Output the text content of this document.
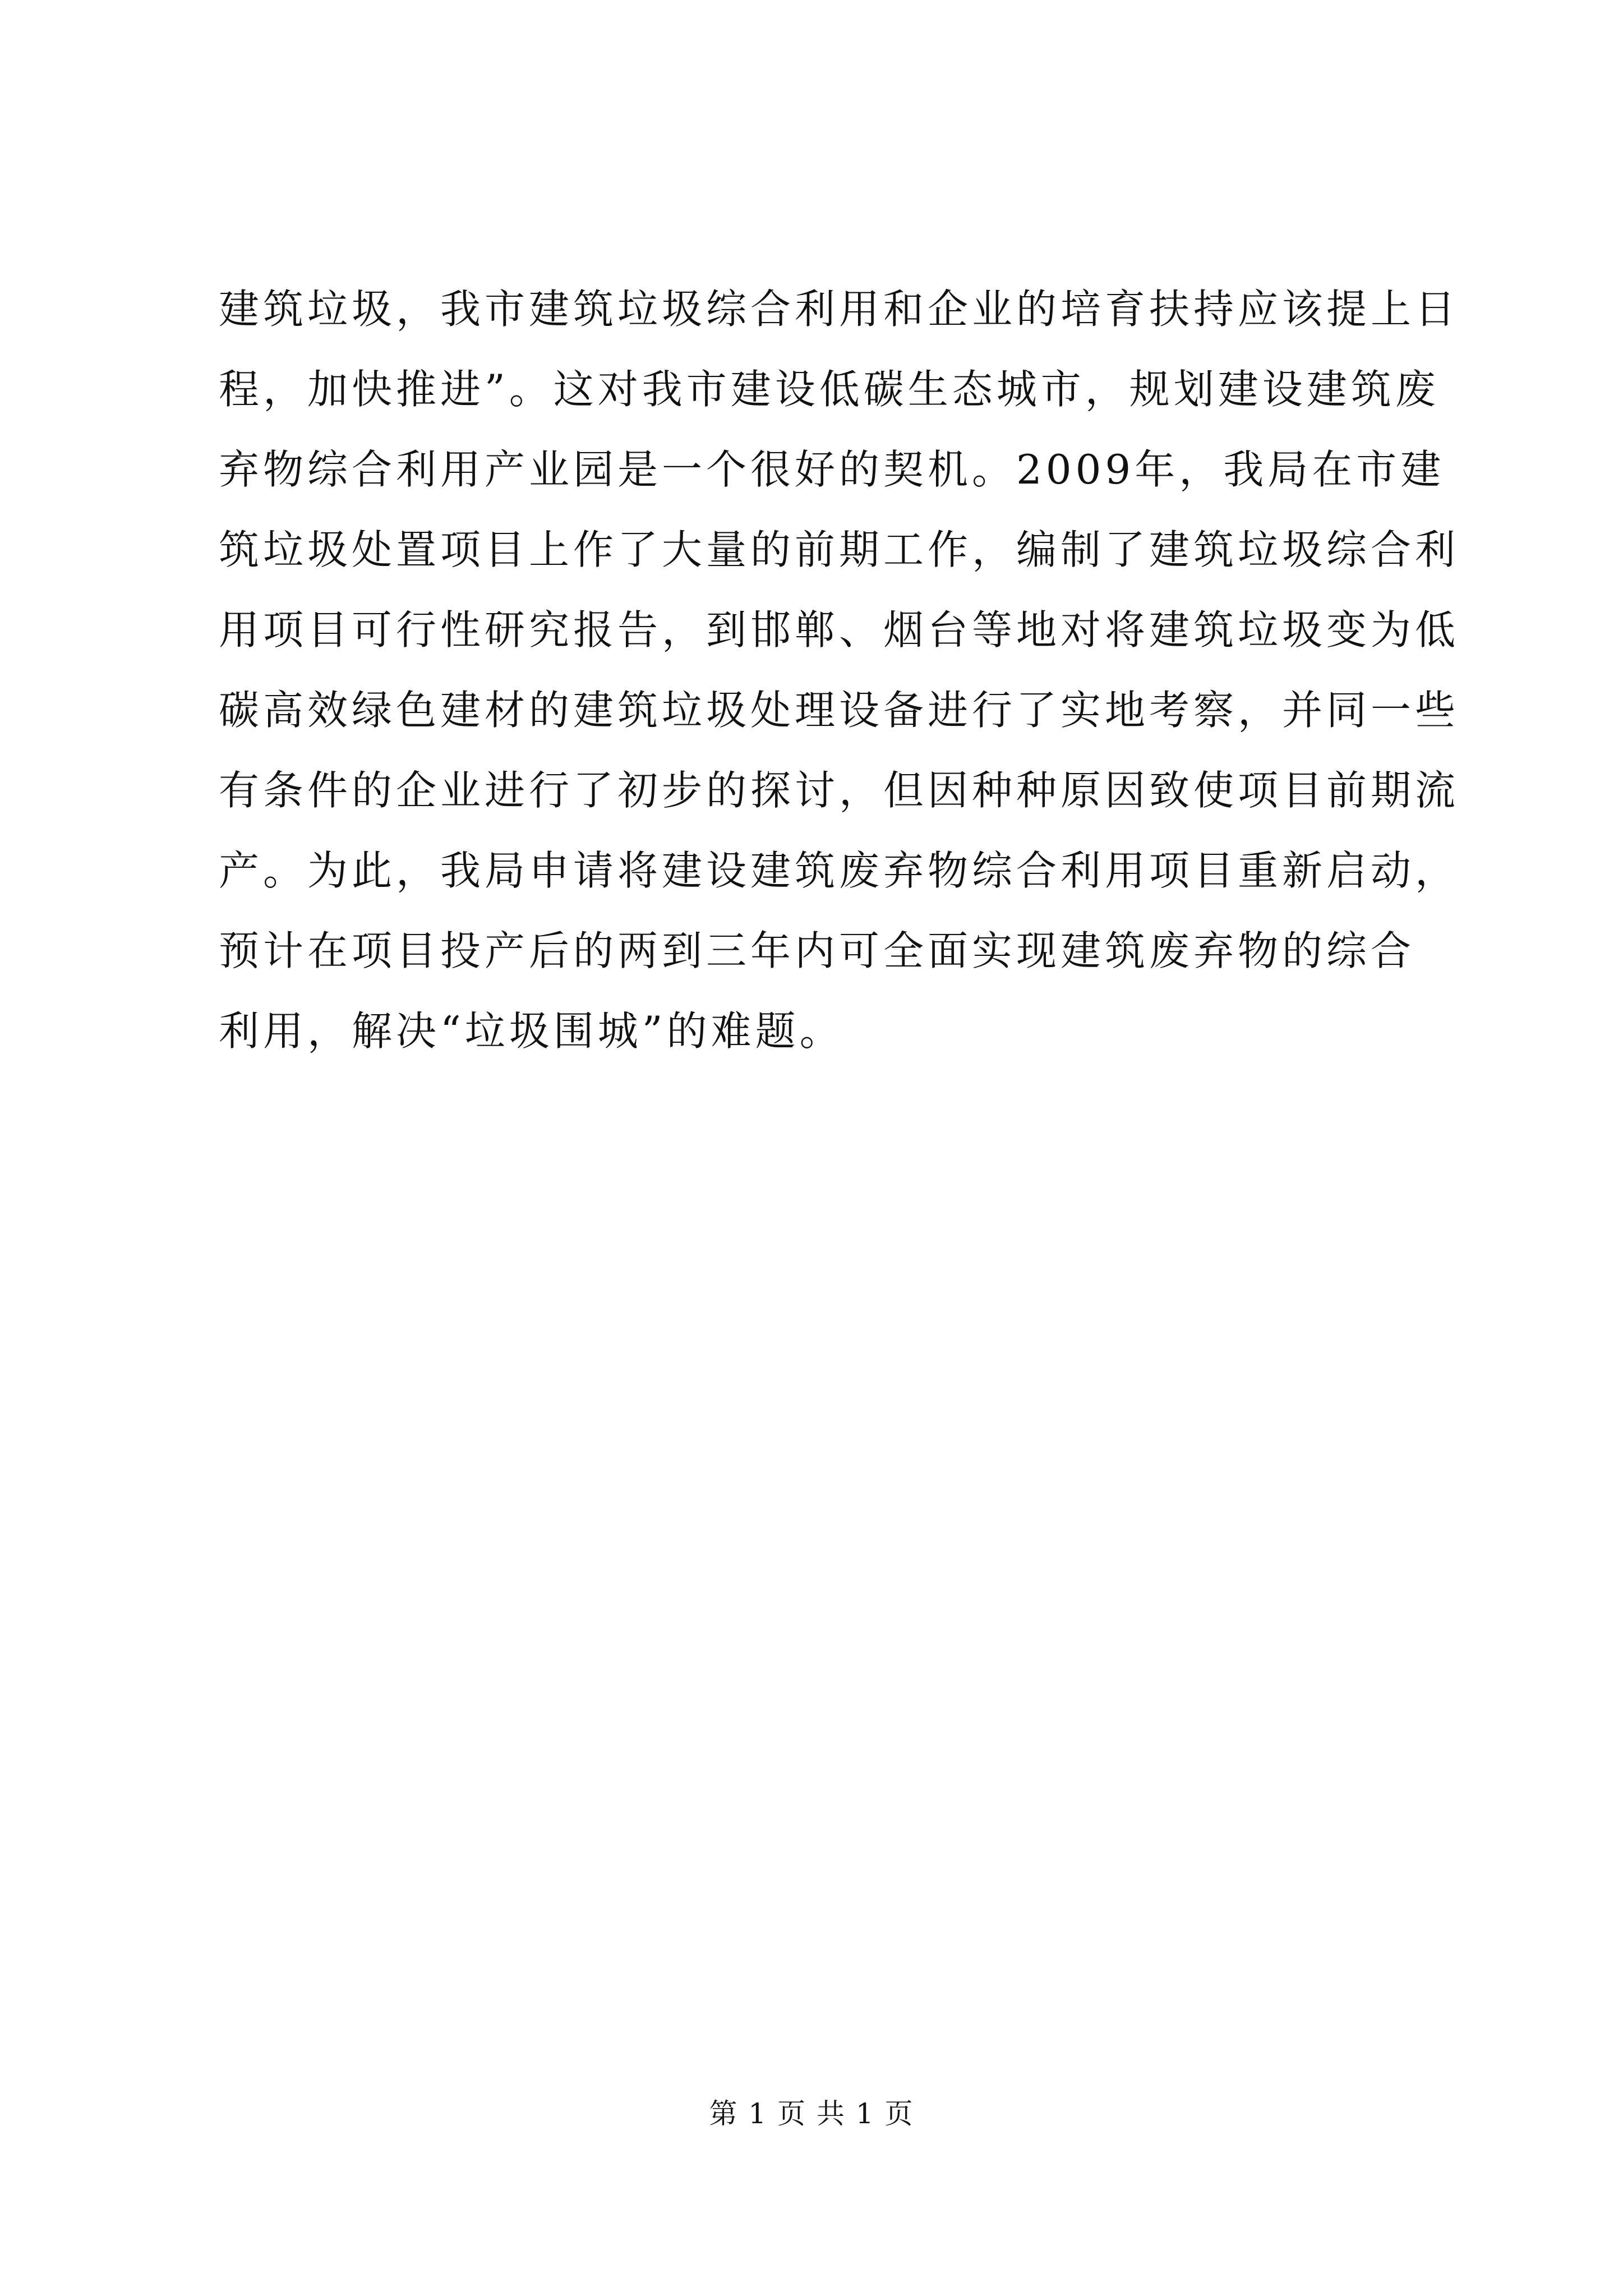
建筑垃圾，我市建筑垃圾综合利用和企业的培育扶持应该提上日
程，加快推进”。这对我市建设低碳生态城市，规划建设建筑废
弃物综合利用产业园是一个很好的契机。2009年，我局在市建
筑垃圾处置项目上作了大量的前期工作，编制了建筑垃圾综合利
用项目可行性研究报告，到邯郸、烟台等地对将建筑垃圾变为低
碳高效绿色建材的建筑垃圾处理设备进行了实地考察，并同一些
有条件的企业进行了初步的探讨，但因种种原因致使项目前期流
产。为此，我局申请将建设建筑废弃物综合利用项目重新启动，
预计在项目投产后的两到三年内可全面实现建筑废弃物的综合
利用，解决“垃圾围城”的难题。
第 1 页 共 1 页
